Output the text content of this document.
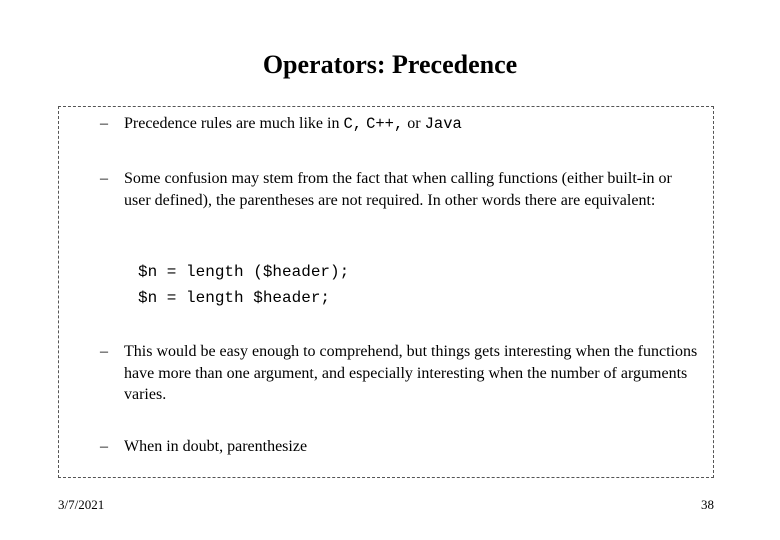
Operators: Precedence
– Precedence rules are much like in C, C++, or Java
– Some confusion may stem from the fact that when calling functions (either built-in or user defined), the parentheses are not required. In other words there are equivalent:
$n = length ($header);
$n = length $header;
– This would be easy enough to comprehend, but things gets interesting when the functions have more than one argument, and especially interesting when the number of arguments varies.
– When in doubt, parenthesize
3/7/2021	38
